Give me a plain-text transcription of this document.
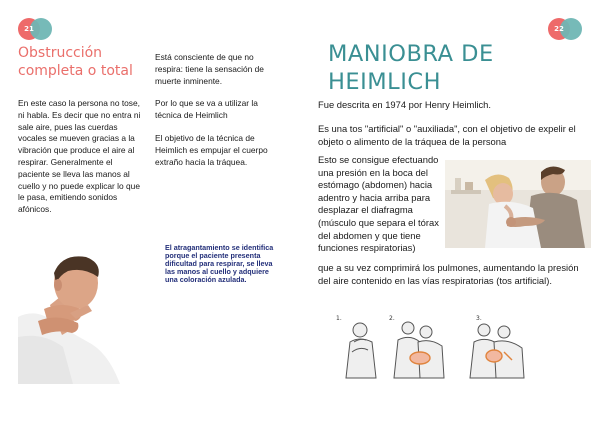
21
Obstrucción completa o total
En este caso la persona no tose, ni habla. Es decir que no entra ni sale aire, pues las cuerdas vocales se mueven gracias a la vibración que produce el aire al respirar. Generalmente el paciente se lleva las manos al cuello y no puede explicar lo que le pasa, emitiendo sonidos afónicos.

Está consciente de que no respira: tiene la sensación de muerte inminente.

Por lo que se va a utilizar la técnica de Heimlich

El objetivo de la técnica de Heimlich es empujar el cuerpo extraño hacia la tráquea.

El atragantamiento se identifica porque el paciente presenta dificultad para respirar, se lleva las manos al cuello y adquiere una coloración azulada.
22
MANIOBRA DE HEIMLICH
Fue descrita en 1974 por Henry Heimlich.
Es una tos "artificial" o "auxiliada", con el objetivo de expelir el objeto o alimento de la tráquea de la persona
Esto se consigue efectuando una presión en la boca del estómago (abdomen) hacia adentro y hacia arriba para desplazar el diafragma (músculo que separa el tórax del abdomen y que tiene funciones respiratorias)
que a su vez comprimirá los pulmones, aumentando la presión del aire contenido en las vías respiratorias (tos artificial).
1.	2.	3.
